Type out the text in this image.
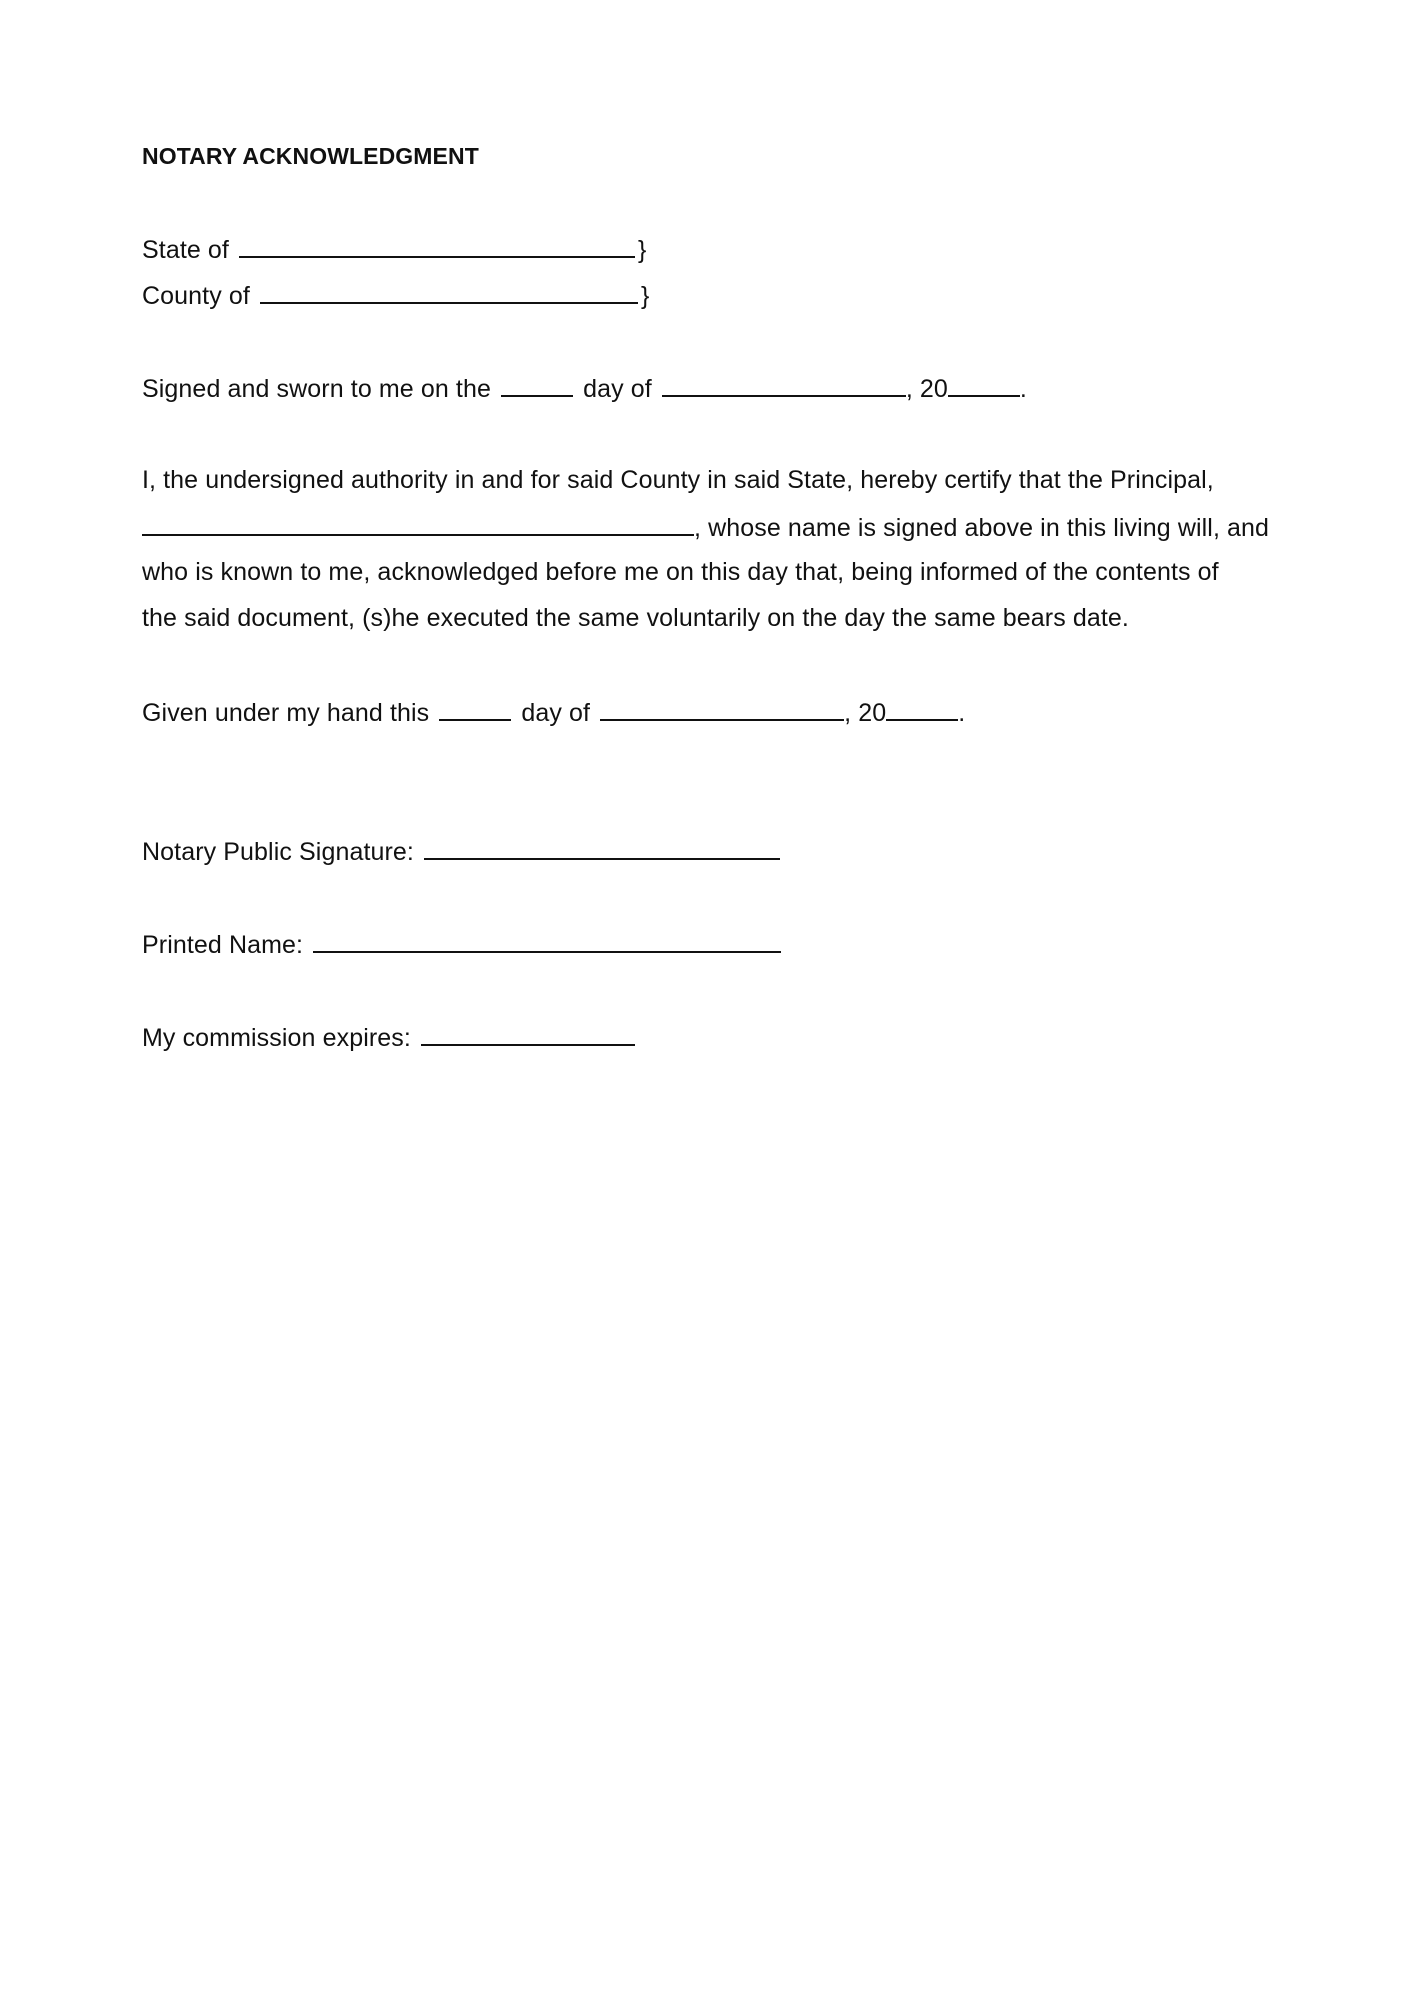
NOTARY ACKNOWLEDGMENT
State of	}
County of	}
Signed and sworn to me on the	day of	, 20	.
I, the undersigned authority in and for said County in said State, hereby certify that the Principal,
, whose name is signed above in this living will, and
who is known to me, acknowledged before me on this day that, being informed of the contents of
the said document, (s)he executed the same voluntarily on the day the same bears date.
Given under my hand this	day of	, 20	.
Notary Public Signature:
Printed Name:
My commission expires:
